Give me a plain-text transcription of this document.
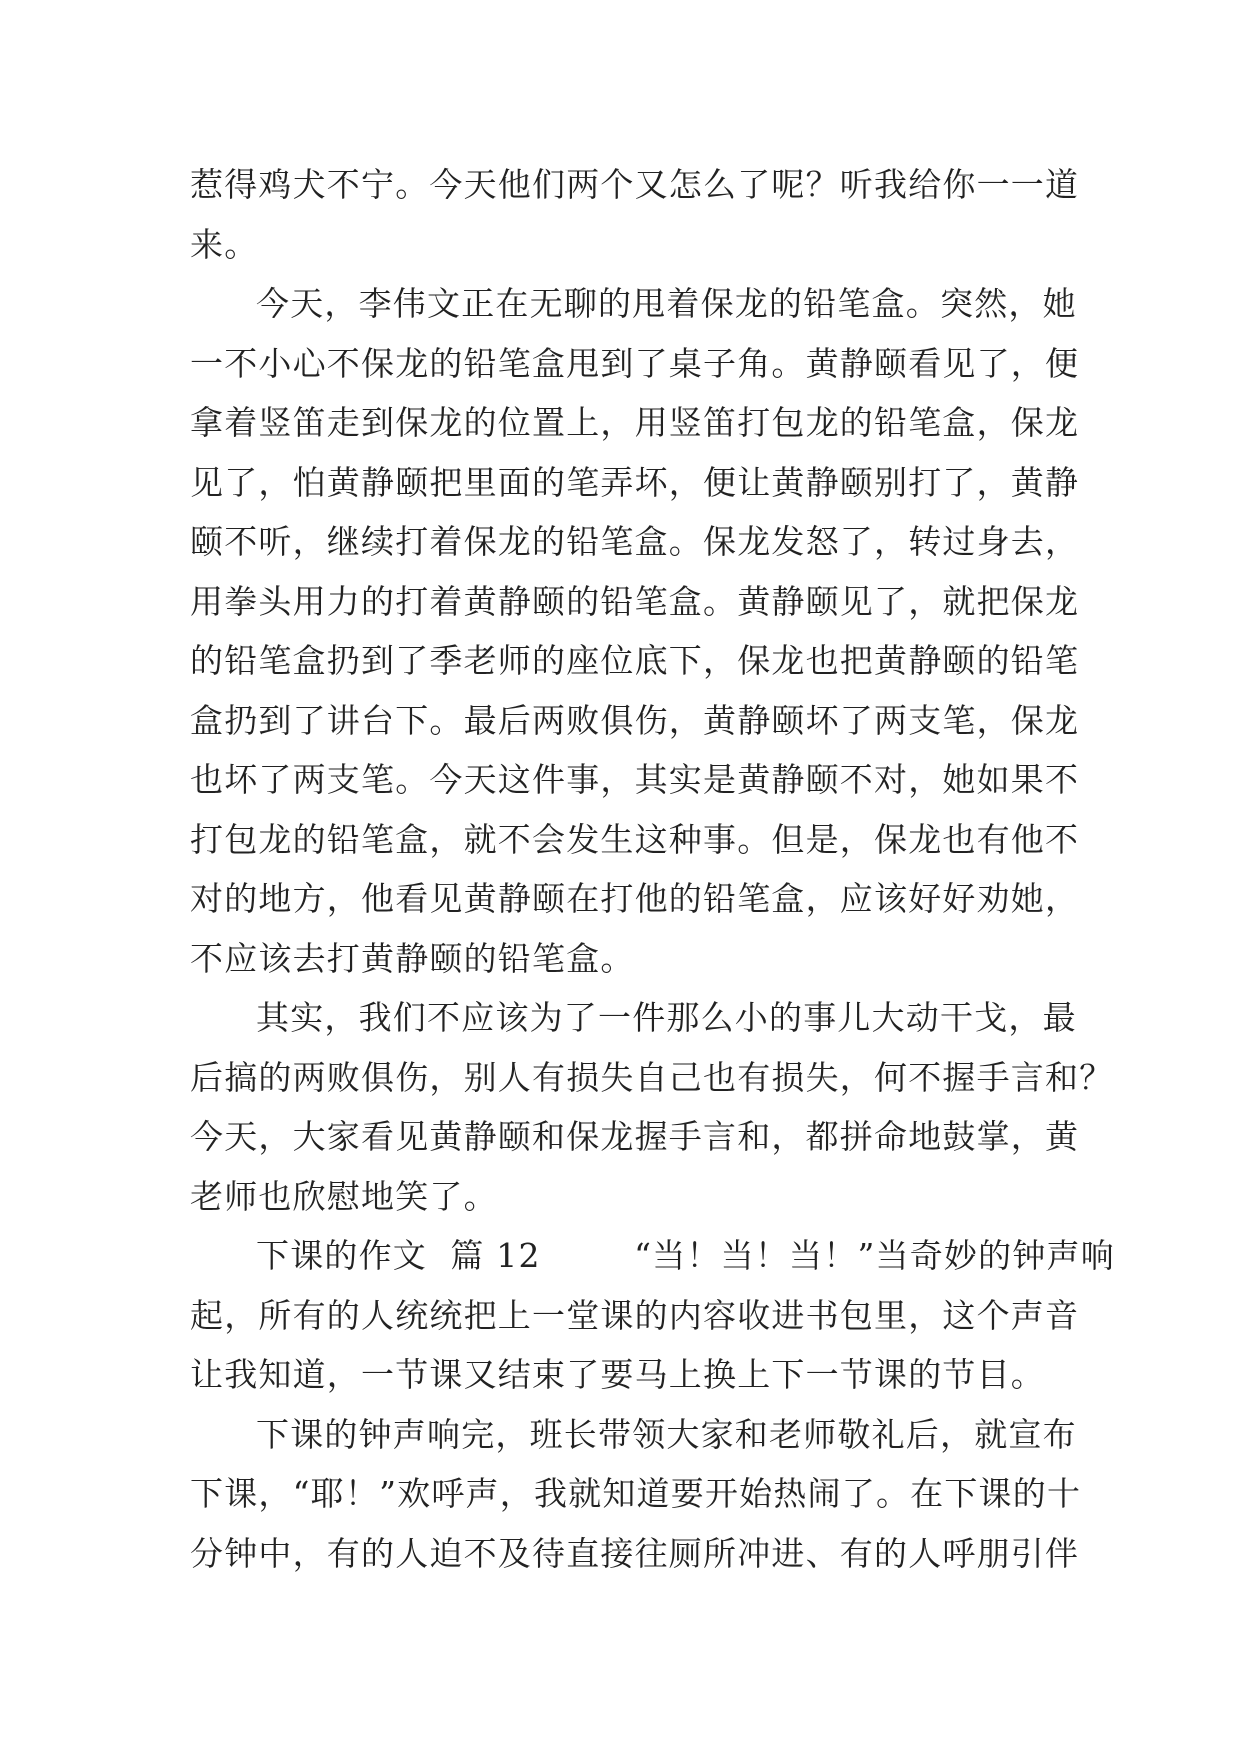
惹得鸡犬不宁。今天他们两个又怎么了呢？听我给你一一道
来。
今天，李伟文正在无聊的甩着保龙的铅笔盒。突然，她
一不小心不保龙的铅笔盒甩到了桌子角。黄静颐看见了，便
拿着竖笛走到保龙的位置上，用竖笛打包龙的铅笔盒，保龙
见了，怕黄静颐把里面的笔弄坏，便让黄静颐别打了，黄静
颐不听，继续打着保龙的铅笔盒。保龙发怒了，转过身去，
用拳头用力的打着黄静颐的铅笔盒。黄静颐见了，就把保龙
的铅笔盒扔到了季老师的座位底下，保龙也把黄静颐的铅笔
盒扔到了讲台下。最后两败俱伤，黄静颐坏了两支笔，保龙
也坏了两支笔。今天这件事，其实是黄静颐不对，她如果不
打包龙的铅笔盒，就不会发生这种事。但是，保龙也有他不
对的地方，他看见黄静颐在打他的铅笔盒，应该好好劝她，
不应该去打黄静颐的铅笔盒。
其实，我们不应该为了一件那么小的事儿大动干戈，最
后搞的两败俱伤，别人有损失自己也有损失，何不握手言和？
今天，大家看见黄静颐和保龙握手言和，都拼命地鼓掌，黄
老师也欣慰地笑了。
下课的作文  篇 12        “当！当！当！”当奇妙的钟声响
起，所有的人统统把上一堂课的内容收进书包里，这个声音
让我知道，一节课又结束了要马上换上下一节课的节目。
下课的钟声响完，班长带领大家和老师敬礼后，就宣布
下课，“耶！”欢呼声，我就知道要开始热闹了。在下课的十
分钟中，有的人迫不及待直接往厕所冲进、有的人呼朋引伴
